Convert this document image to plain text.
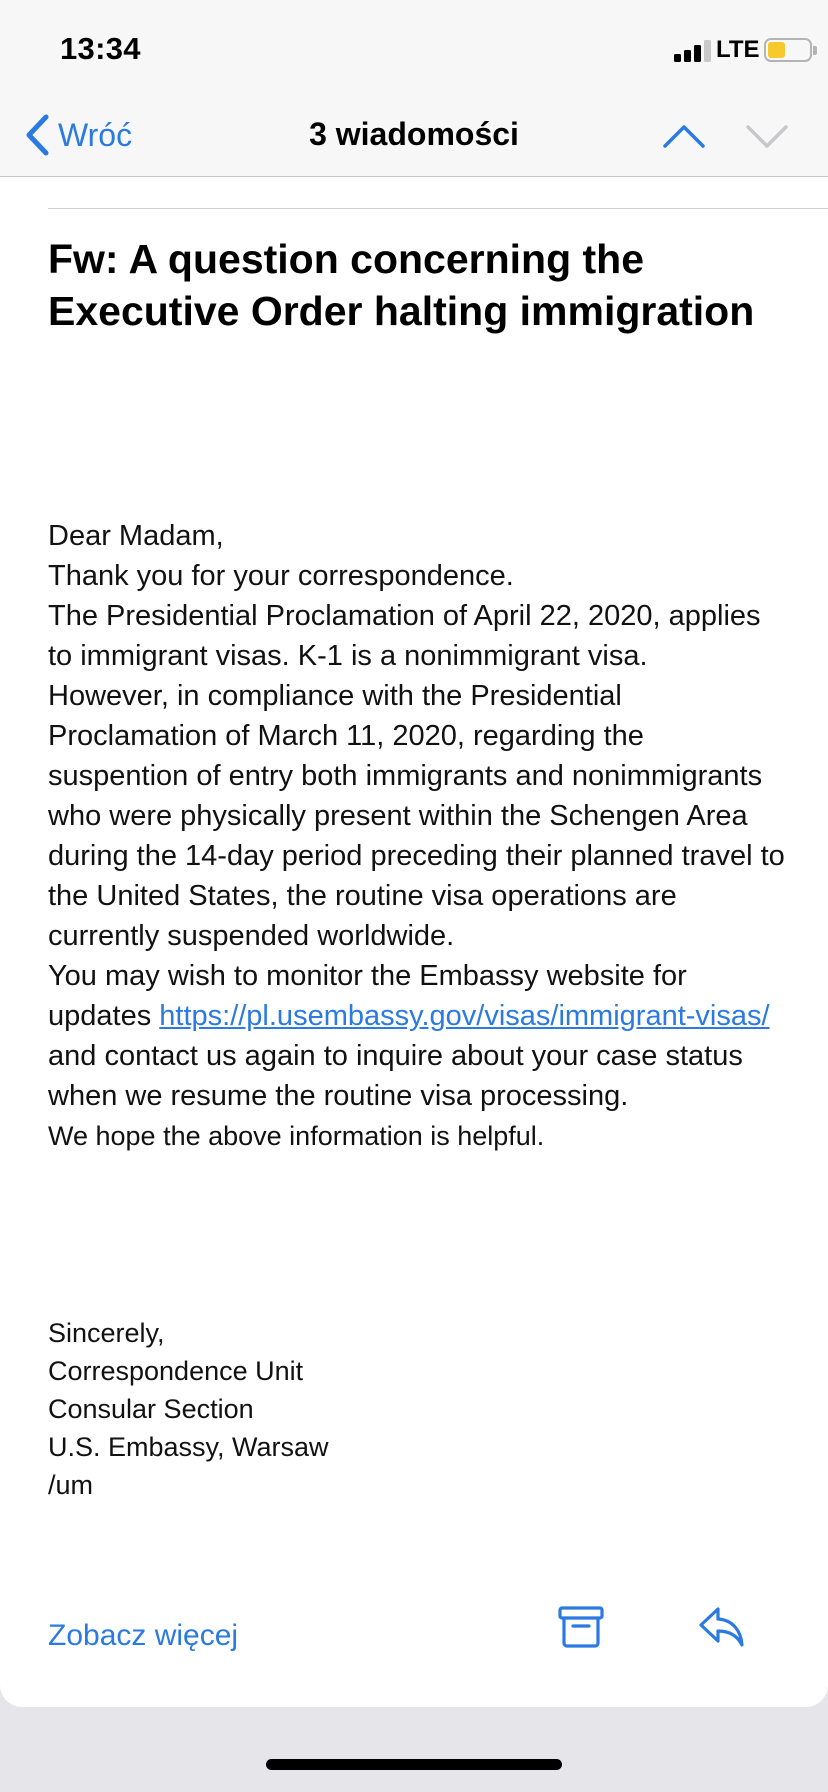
13:34	LTE
Wróć	3 wiadomości
Fw: A question concerning the Executive Order halting immigration

Dear Madam,

Thank you for your correspondence.

The Presidential Proclamation of April 22, 2020, applies to immigrant visas. K-1 is a nonimmigrant visa.

However, in compliance with the Presidential Proclamation of March 11, 2020, regarding the suspention of entry both immigrants and nonimmigrants who were physically present within the Schengen Area during the 14-day period preceding their planned travel to the United States, the routine visa operations are currently suspended worldwide.

You may wish to monitor the Embassy website for updates https://pl.usembassy.gov/visas/immigrant-visas/ and contact us again to inquire about your case status when we resume the routine visa processing.

We hope the above information is helpful.

Sincerely,
Correspondence Unit
Consular Section
U.S. Embassy, Warsaw
/um
Zobacz więcej
